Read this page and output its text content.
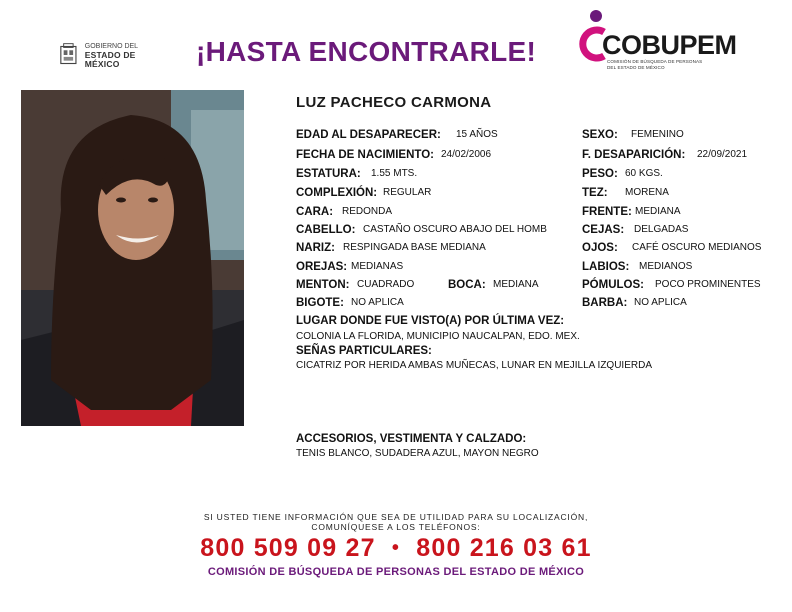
GOBIERNO DEL
ESTADO DE MÉXICO	¡HASTA ENCONTRARLE! COBUPEM
COMISIÓN DE BÚSQUEDA DE PERSONAS DEL ESTADO DE MÉXICO
LUZ PACHECO CARMONA
EDAD AL DESAPARECER: 15 AÑOS
FECHA DE NACIMIENTO: 24/02/2006
ESTATURA: 1.55 MTS.
COMPLEXIÓN: REGULAR
CARA: REDONDA
CABELLO: CASTAÑO OSCURO ABAJO DEL HOMB
NARIZ: RESPINGADA BASE MEDIANA
OREJAS: MEDIANAS
MENTON: CUADRADO	BOCA: MEDIANA
BIGOTE: NO APLICA
SEXO: FEMENINO
F. DESAPARICIÓN: 22/09/2021
PESO: 60 KGS.
TEZ: MORENA
FRENTE: MEDIANA
CEJAS: DELGADAS
OJOS: CAFÉ OSCURO MEDIANOS
LABIOS: MEDIANOS
PÓMULOS: POCO PROMINENTES
BARBA: NO APLICA
LUGAR DONDE FUE VISTO(A) POR ÚLTIMA VEZ:
COLONIA LA FLORIDA, MUNICIPIO NAUCALPAN, EDO. MEX.
SEÑAS PARTICULARES:
CICATRIZ POR HERIDA AMBAS MUÑECAS, LUNAR EN MEJILLA IZQUIERDA
ACCESORIOS, VESTIMENTA Y CALZADO:
TENIS BLANCO, SUDADERA AZUL, MAYON NEGRO
SI USTED TIENE INFORMACIÓN QUE SEA DE UTILIDAD PARA SU LOCALIZACIÓN,
COMUNÍQUESE A LOS TELÉFONOS:
800 509 09 27 • 800 216 03 61
COMISIÓN DE BÚSQUEDA DE PERSONAS DEL ESTADO DE MÉXICO
